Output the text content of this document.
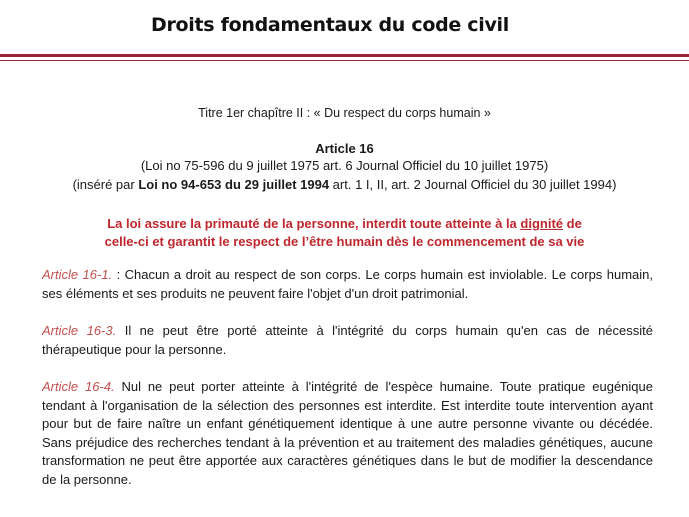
Droits fondamentaux du code civil
Titre 1er chapître II : « Du respect du corps humain »
Article 16
(Loi no 75-596 du 9 juillet 1975 art. 6 Journal Officiel du 10 juillet 1975)
(inséré par Loi no 94-653 du 29 juillet 1994 art. 1 I, II, art. 2 Journal Officiel du 30 juillet 1994)
La loi assure la primauté de la personne, interdit toute atteinte à la dignité de
celle-ci et garantit le respect de l’être humain dès le commencement de sa vie
Article 16-1. : Chacun a droit au respect de son corps. Le corps humain est inviolable. Le corps humain, ses éléments et ses produits ne peuvent faire l'objet d'un droit patrimonial.
Article 16-3. Il ne peut être porté atteinte à l'intégrité du corps humain qu'en cas de nécessité thérapeutique pour la personne.
Article 16-4. Nul ne peut porter atteinte à l'intégrité de l'espèce humaine. Toute pratique eugénique tendant à l'organisation de la sélection des personnes est interdite. Est interdite toute intervention ayant pour but de faire naître un enfant génétiquement identique à une autre personne vivante ou décédée. Sans préjudice des recherches tendant à la prévention et au traitement des maladies génétiques, aucune transformation ne peut être apportée aux caractères génétiques dans le but de modifier la descendance de la personne.
